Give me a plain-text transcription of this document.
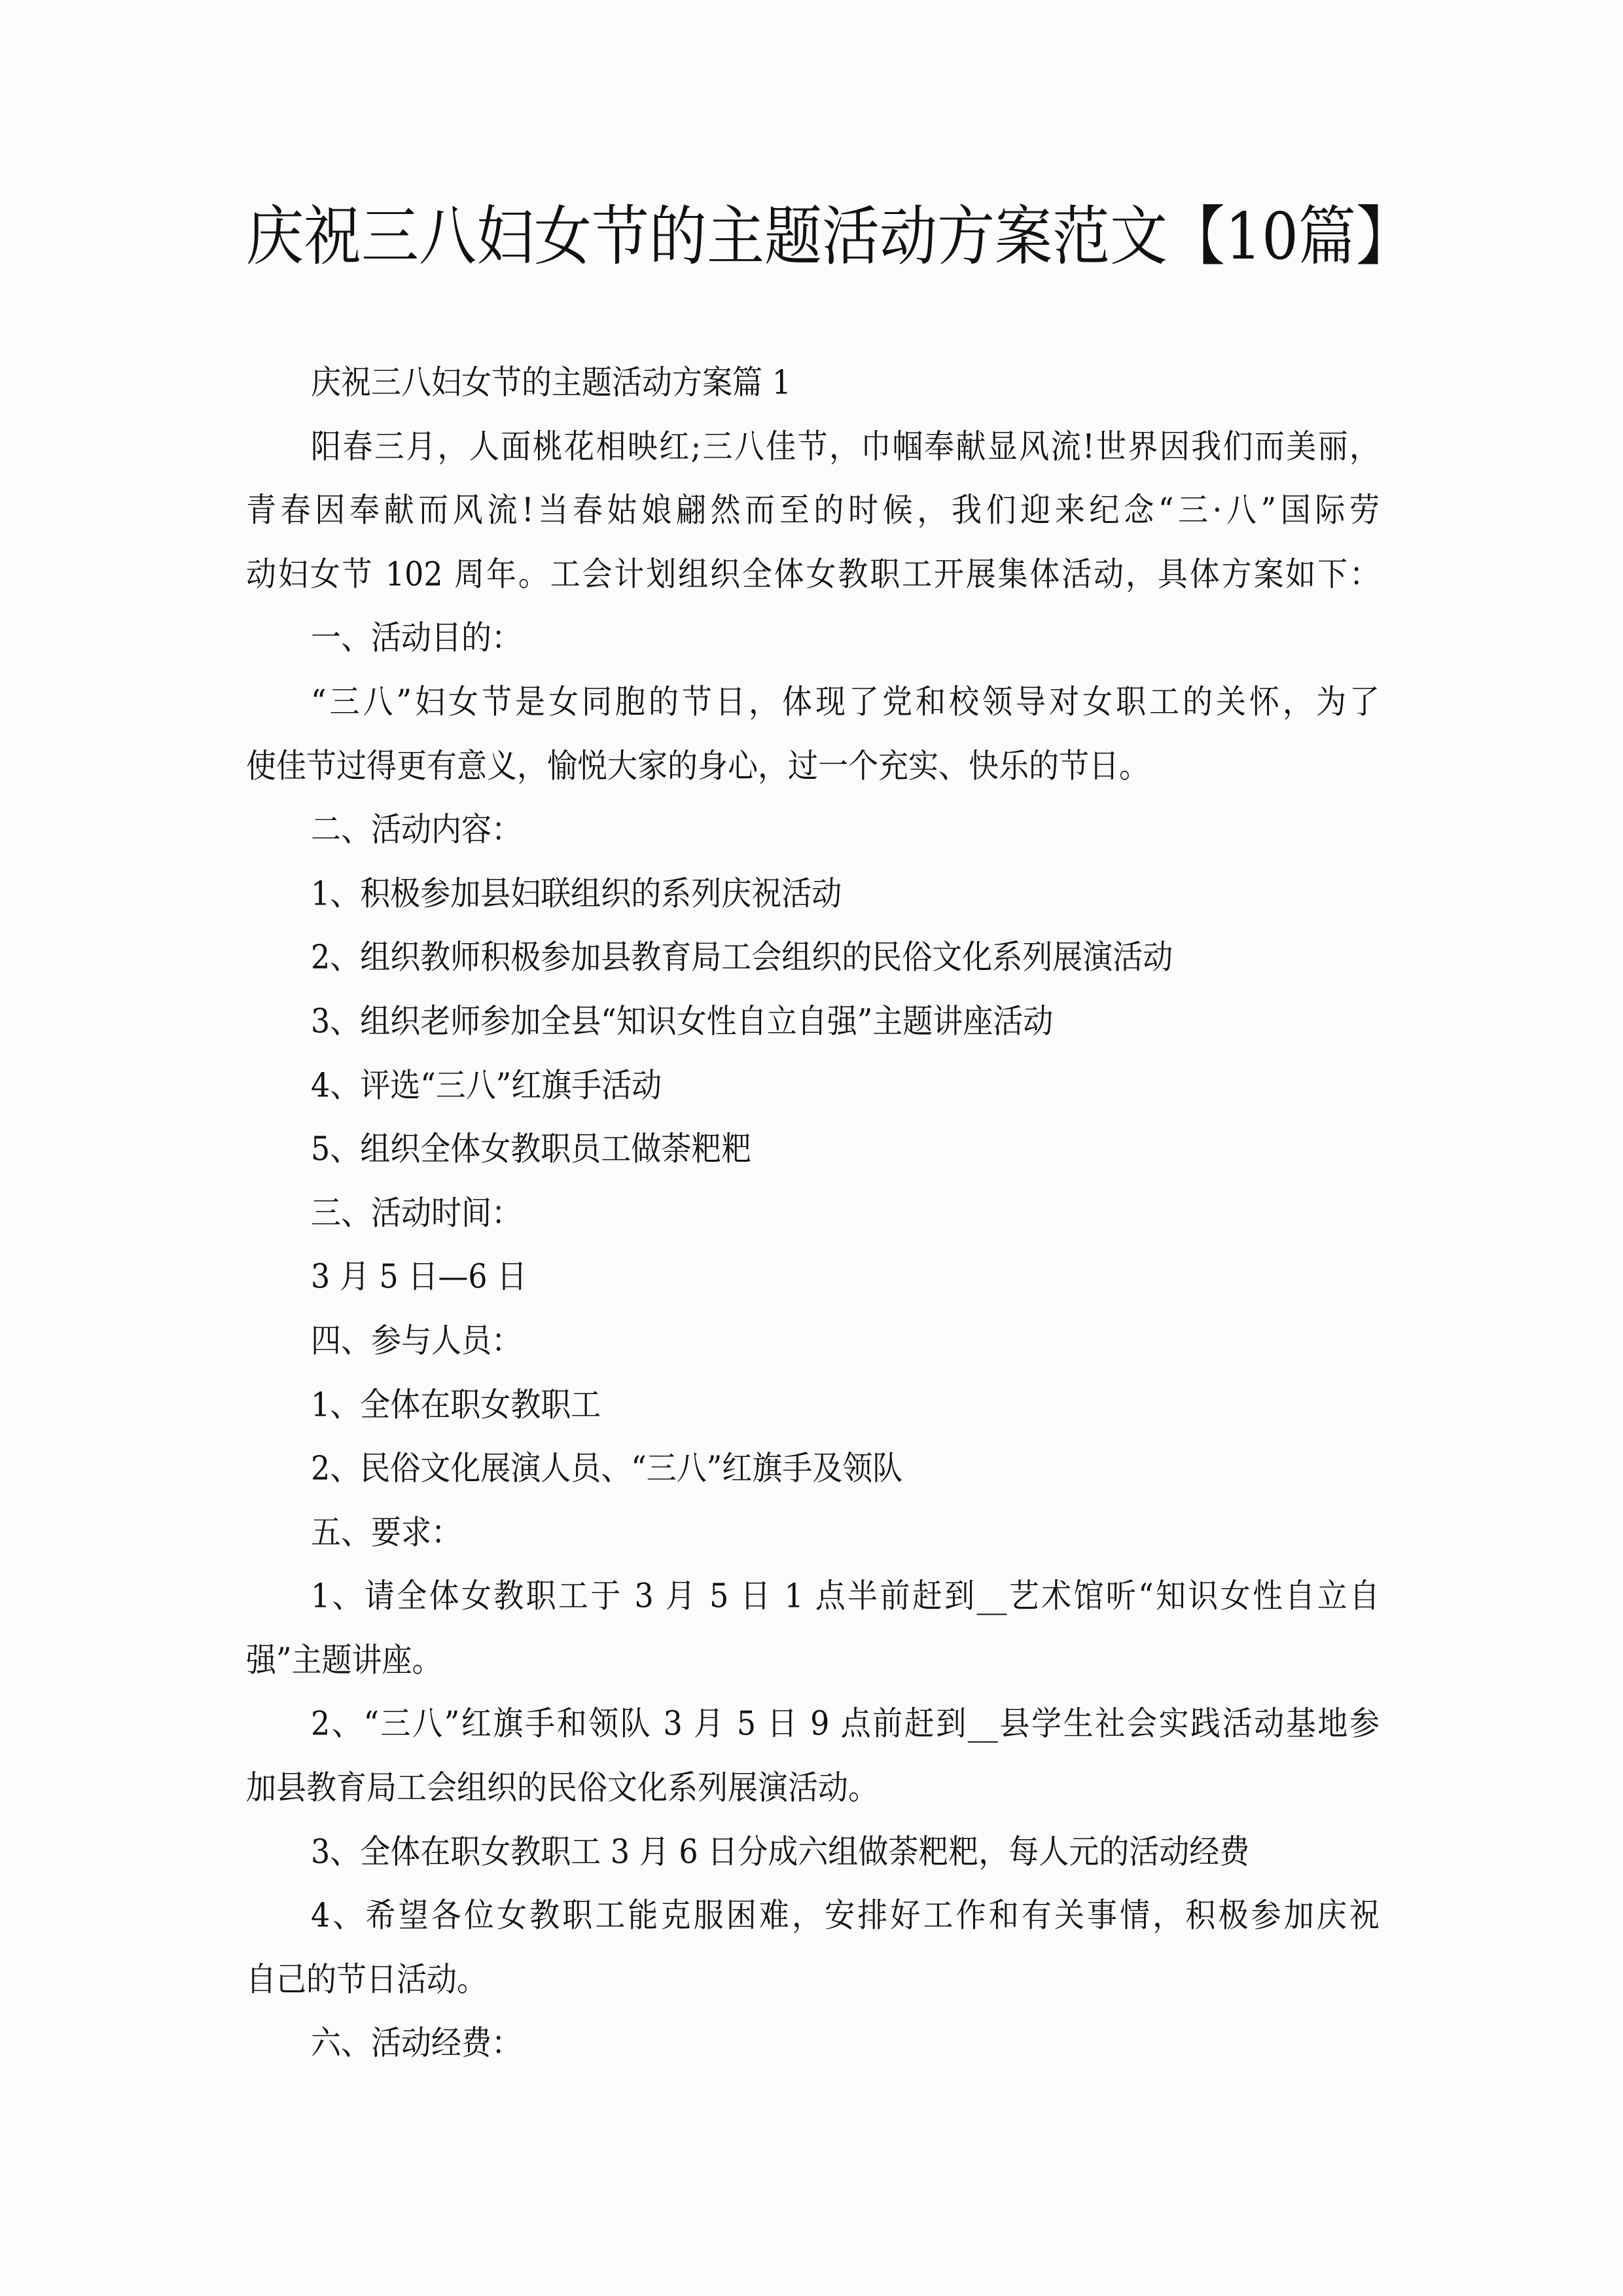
庆祝三八妇女节的主题活动方案范文【10篇】
庆祝三八妇女节的主题活动方案篇 1
阳春三月，人面桃花相映红;三八佳节，巾帼奉献显风流!世界因我们而美丽，
青春因奉献而风流!当春姑娘翩然而至的时候，我们迎来纪念“三·八”国际劳
动妇女节 102 周年。工会计划组织全体女教职工开展集体活动，具体方案如下：
一、活动目的：
“三八”妇女节是女同胞的节日，体现了党和校领导对女职工的关怀，为了
使佳节过得更有意义，愉悦大家的身心，过一个充实、快乐的节日。
二、活动内容：
1、积极参加县妇联组织的系列庆祝活动
2、组织教师积极参加县教育局工会组织的民俗文化系列展演活动
3、组织老师参加全县“知识女性自立自强”主题讲座活动
4、评选“三八”红旗手活动
5、组织全体女教职员工做荼粑粑
三、活动时间：
3 月 5 日—6 日
四、参与人员：
1、全体在职女教职工
2、民俗文化展演人员、“三八”红旗手及领队
五、要求：
1、请全体女教职工于 3 月 5 日 1 点半前赶到__艺术馆听“知识女性自立自
强”主题讲座。
2、“三八”红旗手和领队 3 月 5 日 9 点前赶到__县学生社会实践活动基地参
加县教育局工会组织的民俗文化系列展演活动。
3、全体在职女教职工 3 月 6 日分成六组做荼粑粑，每人元的活动经费
4、希望各位女教职工能克服困难，安排好工作和有关事情，积极参加庆祝
自己的节日活动。
六、活动经费：
